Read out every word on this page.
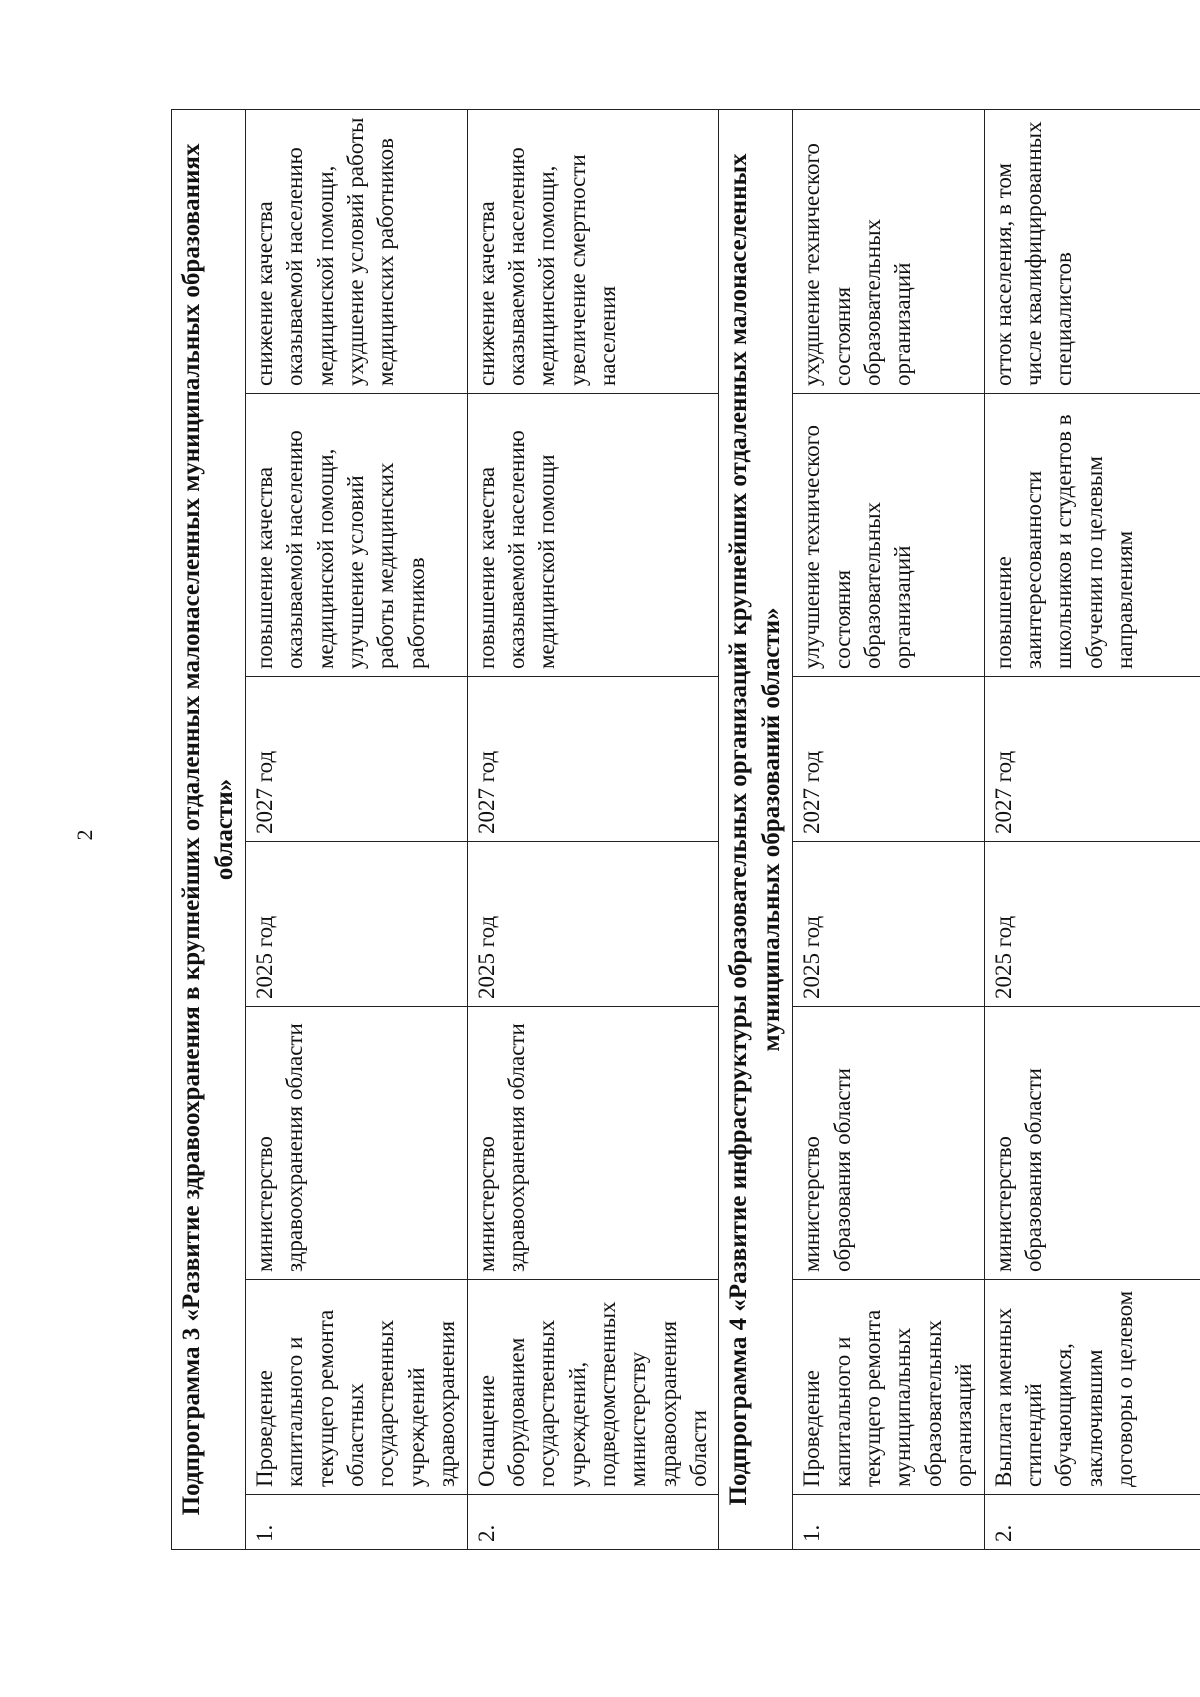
2	Подпрограмма 3 «Развитие здравоохранения в крупнейших отдаленных малонаселенных муниципальных образованиях области»						
1.	Проведение капитального и текущего ремонта областных государственных учреждений здравоохранения	министерство здравоохранения области	2025 год	2027 год	повышение качества оказываемой населению медицинской помощи, улучшение условий работы медицинских работников	снижение качества оказываемой населению медицинской помощи, ухудшение условий работы медицинских работников
2.	Оснащение оборудованием государственных учреждений, подведомственных министерству здравоохранения области	министерство здравоохранения области	2025 год	2027 год	повышение качества оказываемой населению медицинской помощи	снижение качества оказываемой населению медицинской помощи, увеличение смертности населения
Подпрограмма 4 «Развитие инфраструктуры образовательных организаций крупнейших отдаленных малонаселенных муниципальных образований области»						
1.	Проведение капитального и текущего ремонта муниципальных образовательных организаций	министерство образования области	2025 год	2027 год	улучшение технического состояния образовательных организаций	ухудшение технического состояния образовательных организаций
2.	Выплата именных стипендий обучающимся, заключившим договоры о целевом	министерство образования области	2025 год	2027 год	повышение заинтересованности школьников и студентов в обучении по целевым направлениям	отток населения, в том числе квалифицированных специалистов
